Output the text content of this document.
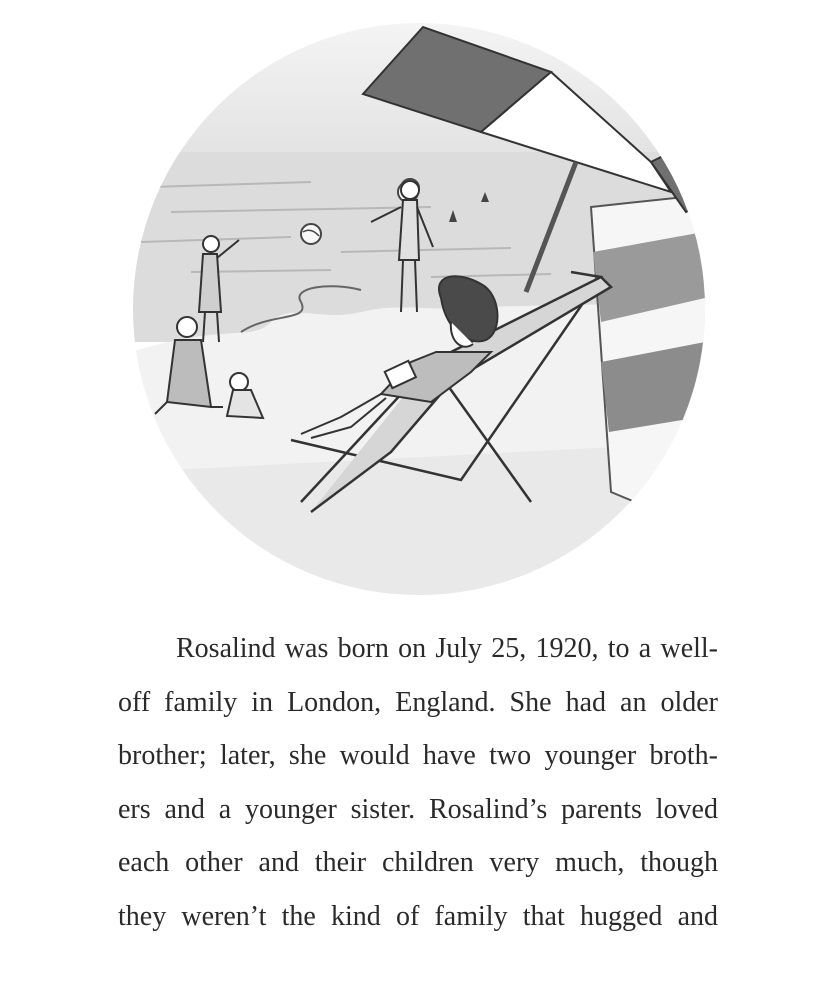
Rosalind was born on July 25, 1920, to a well-
off family in London, England. She had an older
brother; later, she would have two younger broth-
ers and a younger sister. Rosalind’s parents loved
each other and their children very much, though
they weren’t the kind of family that hugged and
